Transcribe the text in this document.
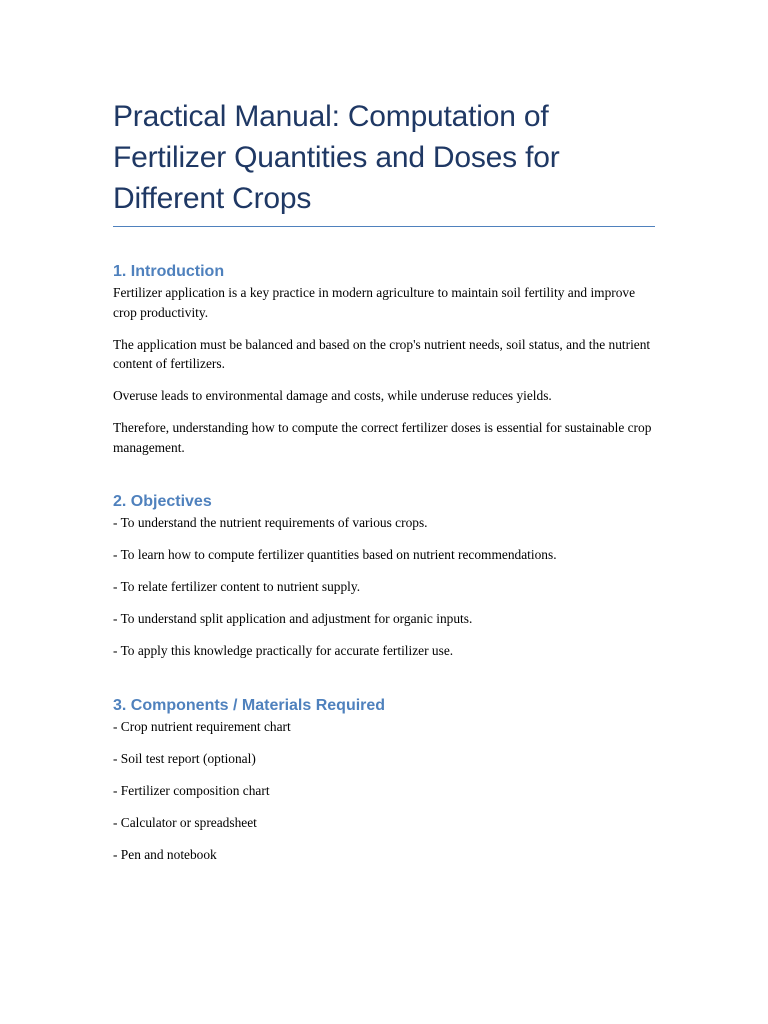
Practical Manual: Computation of Fertilizer Quantities and Doses for Different Crops
1. Introduction

Fertilizer application is a key practice in modern agriculture to maintain soil fertility and improve crop productivity.

The application must be balanced and based on the crop's nutrient needs, soil status, and the nutrient content of fertilizers.

Overuse leads to environmental damage and costs, while underuse reduces yields.

Therefore, understanding how to compute the correct fertilizer doses is essential for sustainable crop management.

2. Objectives

- To understand the nutrient requirements of various crops.

- To learn how to compute fertilizer quantities based on nutrient recommendations.

- To relate fertilizer content to nutrient supply.

- To understand split application and adjustment for organic inputs.

- To apply this knowledge practically for accurate fertilizer use.

3. Components / Materials Required

- Crop nutrient requirement chart

- Soil test report (optional)

- Fertilizer composition chart

- Calculator or spreadsheet

- Pen and notebook
